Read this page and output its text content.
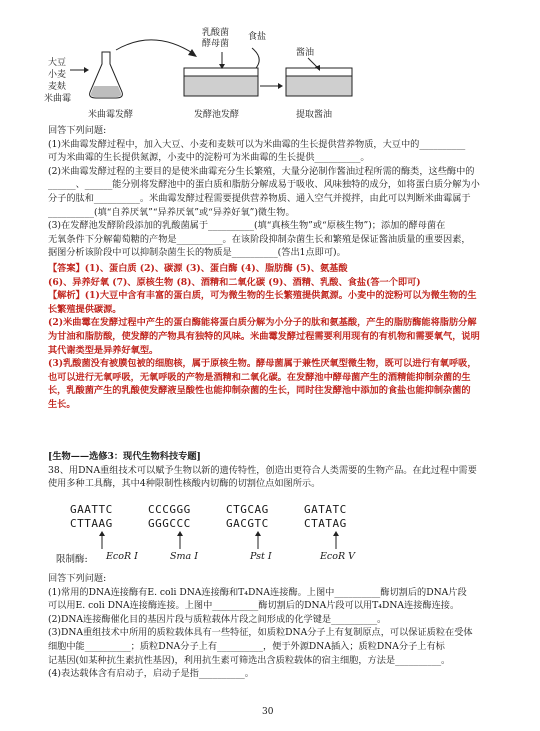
大豆
小麦
麦麸
米曲霉
乳酸菌
酵母菌
食盐
酱油
米曲霉发酵	发酵池发酵	提取酱油
回答下列问题:
(1)米曲霉发酵过程中，加入大豆、小麦和麦麸可以为米曲霉的生长提供营养物质，大豆中的__________
可为米曲霉的生长提供氮源，小麦中的淀粉可为米曲霉的生长提供__________。
(2)米曲霉发酵过程的主要目的是使米曲霉充分生长繁殖，大量分泌制作酱油过程所需的酶类，这些酶中的
______、______能分别将发酵池中的蛋白质和脂肪分解成易于吸收、风味独特的成分，如将蛋白质分解为小
分子的肽和__________。米曲霉发酵过程需要提供营养物质、通入空气并搅拌，由此可以判断米曲霉属于
__________(填“自养厌氧”“异养厌氧”或“异养好氧”)微生物。
(3)在发酵池发酵阶段添加的乳酸菌属于__________(填“真核生物”或“原核生物”)；添加的酵母菌在
无氧条件下分解葡萄糖的产物是__________。在该阶段抑制杂菌生长和繁殖是保证酱油质量的重要因素，
据图分析该阶段中可以抑制杂菌生长的物质是__________(答出1点即可)。
【答案】(1)、蛋白质 (2)、碳源 (3)、蛋白酶 (4)、脂肪酶 (5)、氨基酸
(6)、异养好氧 (7)、原核生物 (8)、酒精和二氧化碳 (9)、酒精、乳酸、食盐(答一个即可)
【解析】(1)大豆中含有丰富的蛋白质，可为微生物的生长繁殖提供氮源。小麦中的淀粉可以为微生物的生
长繁殖提供碳源。
(2)米曲霉在发酵过程中产生的蛋白酶能将蛋白质分解为小分子的肽和氨基酸，产生的脂肪酶能将脂肪分解
为甘油和脂肪酸，使发酵的产物具有独特的风味。米曲霉发酵过程需要利用现有的有机物和需要氧气，说明
其代谢类型是异养好氧型。
(3)乳酸菌没有被膜包被的细胞核，属于原核生物。酵母菌属于兼性厌氧型微生物，既可以进行有氧呼吸，
也可以进行无氧呼吸，无氧呼吸的产物是酒精和二氧化碳。在发酵池中酵母菌产生的酒精能抑制杂菌的生
长，乳酸菌产生的乳酸使发酵液呈酸性也能抑制杂菌的生长，同时往发酵池中添加的食盐也能抑制杂菌的
生长。
[生物——选修3：现代生物科技专题]
38、用DNA重组技术可以赋予生物以新的遗传特性，创造出更符合人类需要的生物产品。在此过程中需要
使用多种工具酶，其中4种限制性核酸内切酶的切割位点如图所示。
GAATTC
CTTAAG
CCCGGG
GGGCCC
CTGCAG
GACGTC
GATATC
CTATAG
限制酶: EcoR I	Sma I	Pst I	EcoR V
回答下列问题:
(1)常用的DNA连接酶有E. coli DNA连接酶和T₄DNA连接酶。上图中__________酶切割后的DNA片段
可以用E. coli DNA连接酶连接。上图中__________酶切割后的DNA片段可以用T₄DNA连接酶连接。
(2)DNA连接酶催化目的基因片段与质粒载体片段之间形成的化学键是__________。
(3)DNA重组技术中所用的质粒载体具有一些特征，如质粒DNA分子上有复制原点，可以保证质粒在受体
细胞中能__________；质粒DNA分子上有__________，便于外源DNA插入；质粒DNA分子上有标
记基因(如某种抗生素抗性基因)，利用抗生素可筛选出含质粒载体的宿主细胞，方法是__________。
(4)表达载体含有启动子，启动子是指__________。
30
